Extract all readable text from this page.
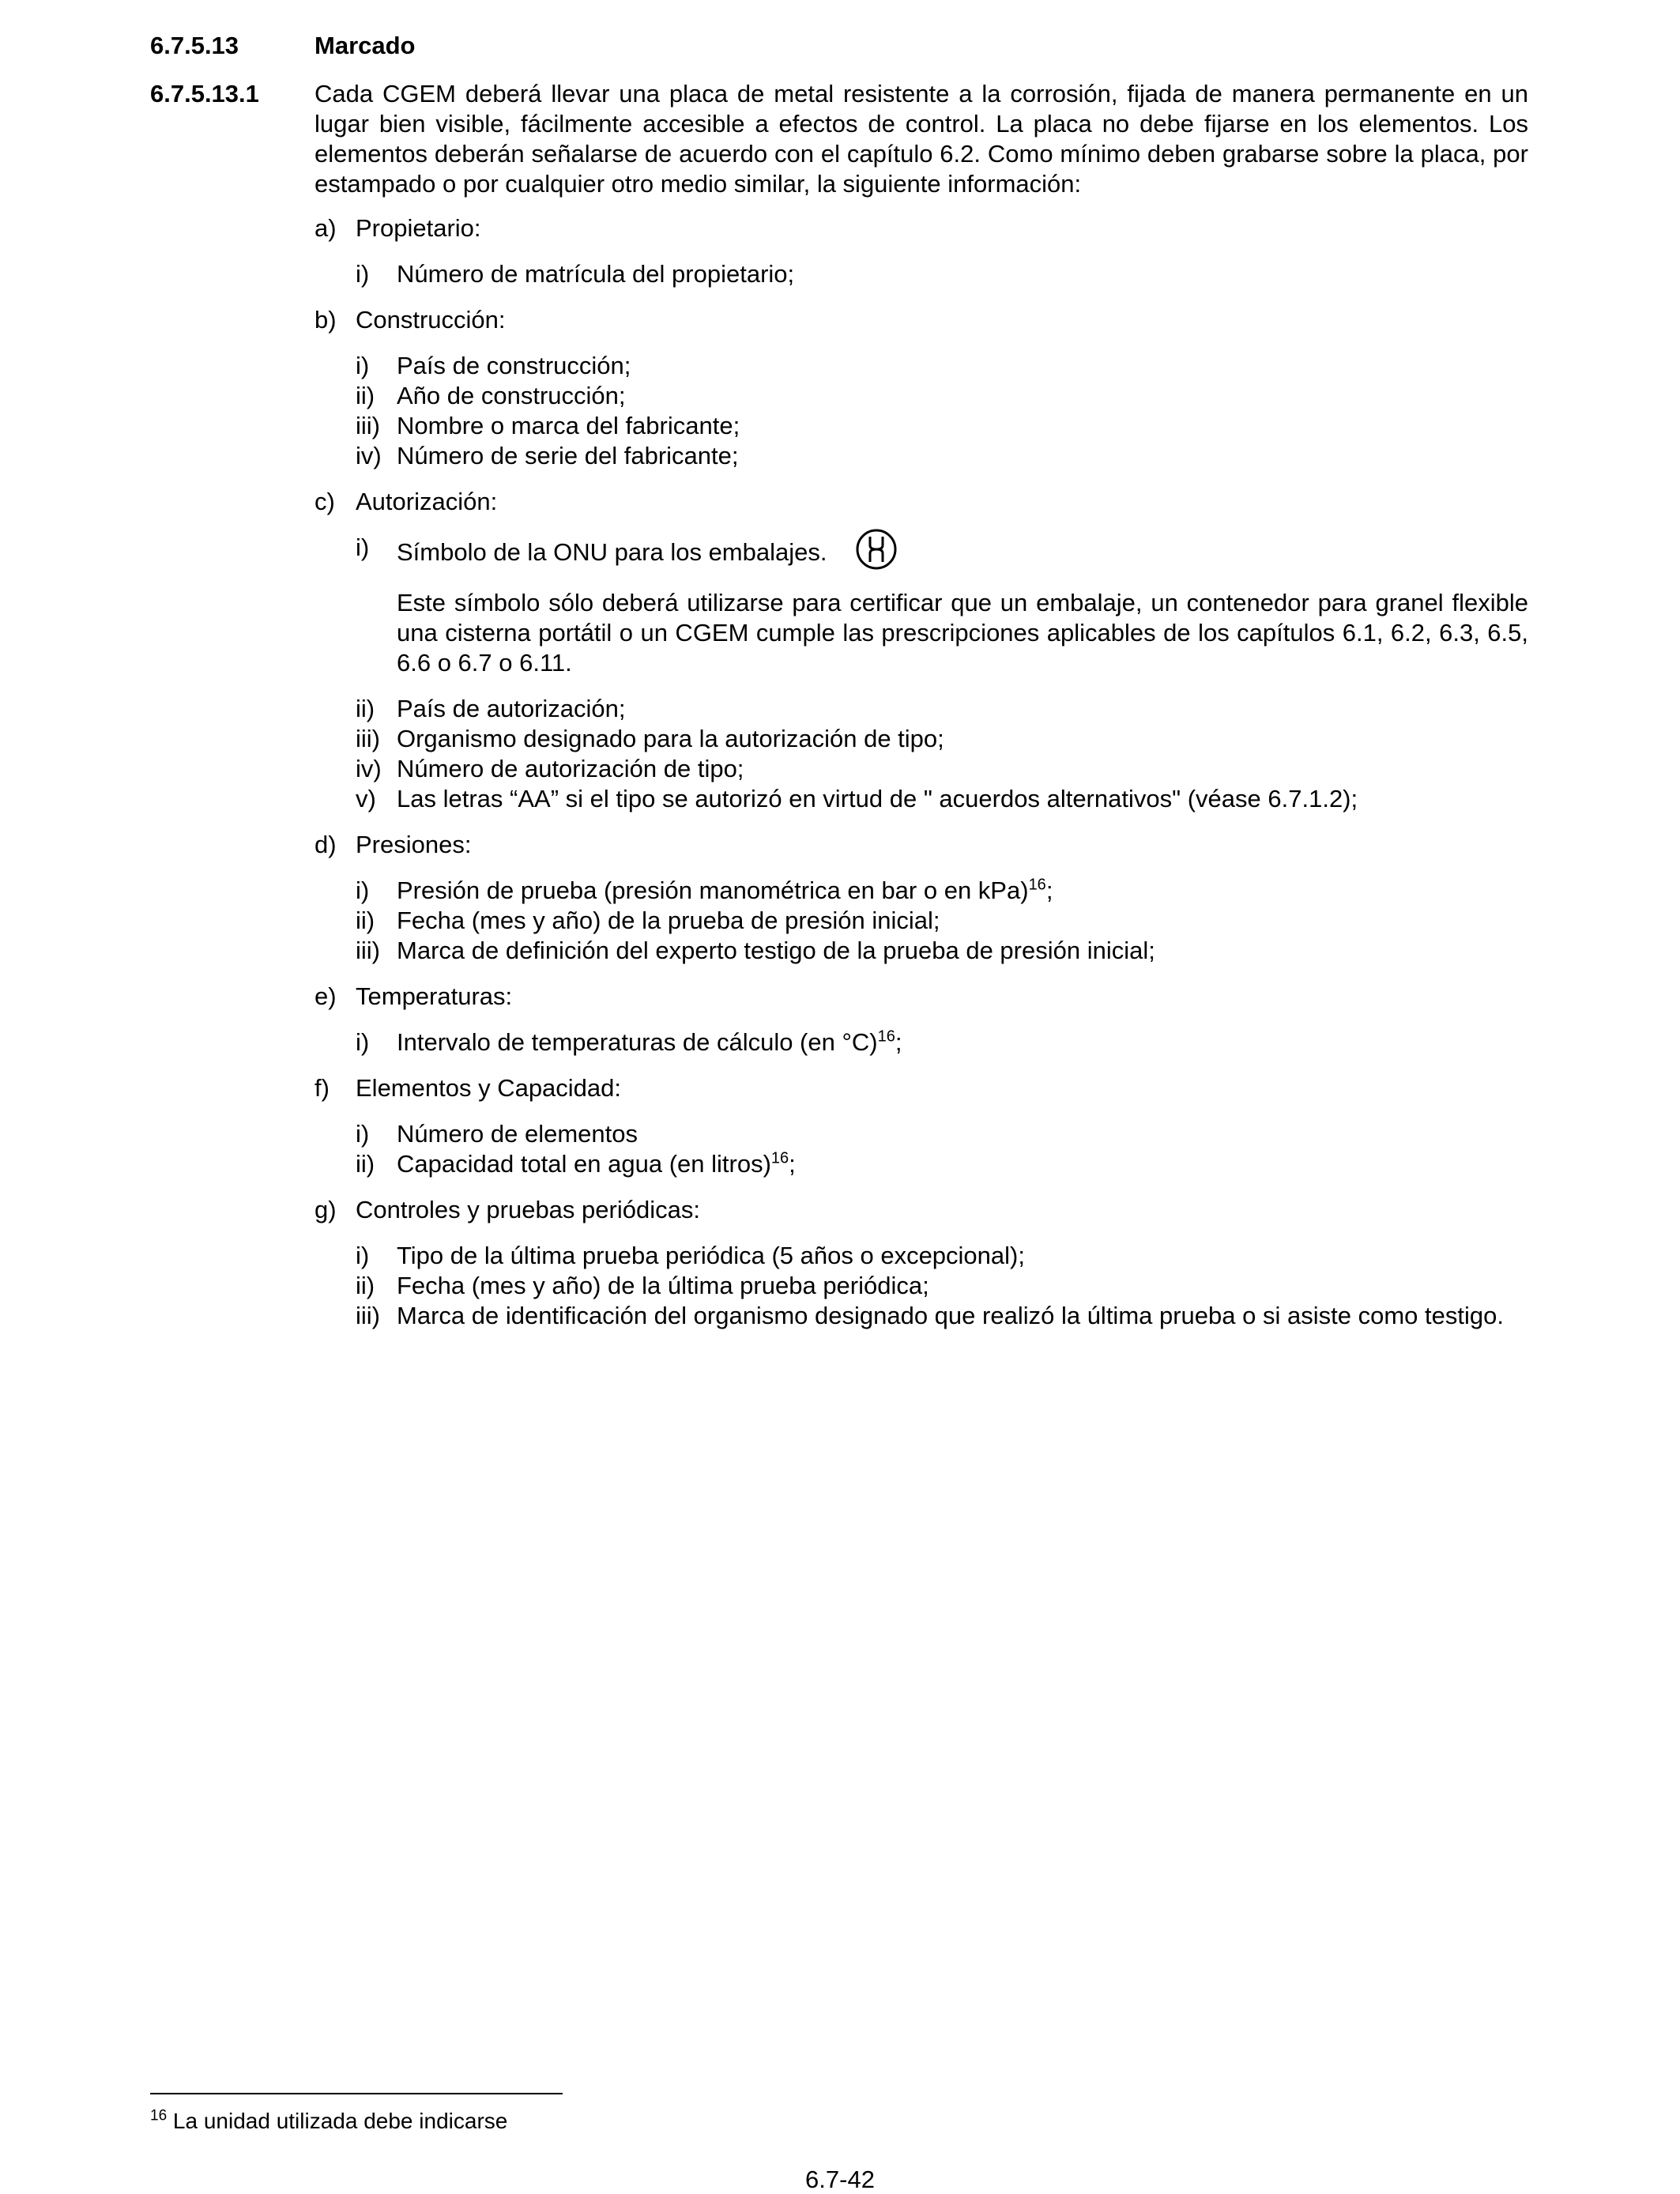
6.7.5.13	Marcado
6.7.5.13.1 Cada CGEM deberá llevar una placa de metal resistente a la corrosión, fijada de manera permanente en un lugar bien visible, fácilmente accesible a efectos de control. La placa no debe fijarse en los elementos. Los elementos deberán señalarse de acuerdo con el capítulo 6.2. Como mínimo deben grabarse sobre la placa, por estampado o por cualquier otro medio similar, la siguiente información:
a) Propietario:
i) Número de matrícula del propietario;
b) Construcción:
i) País de construcción;
ii) Año de construcción;
iii) Nombre o marca del fabricante;
iv) Número de serie del fabricante;
c) Autorización:
i) Símbolo de la ONU para los embalajes.
Este símbolo sólo deberá utilizarse para certificar que un embalaje, un contenedor para granel flexible una cisterna portátil o un CGEM cumple las prescripciones aplicables de los capítulos 6.1, 6.2, 6.3, 6.5, 6.6 o 6.7 o 6.11.
ii) País de autorización;
iii) Organismo designado para la autorización de tipo;
iv) Número de autorización de tipo;
v) Las letras “AA” si el tipo se autorizó en virtud de " acuerdos alternativos" (véase 6.7.1.2);
d) Presiones:
i) Presión de prueba (presión manométrica en bar o en kPa)$^{16}$;
ii) Fecha (mes y año) de la prueba de presión inicial;
iii) Marca de definición del experto testigo de la prueba de presión inicial;
e) Temperaturas:
i) Intervalo de temperaturas de cálculo (en °C)$^{16}$;
f) Elementos y Capacidad:
i) Número de elementos
ii) Capacidad total en agua (en litros)$^{16}$;
g) Controles y pruebas periódicas:
i) Tipo de la última prueba periódica (5 años o excepcional);
ii) Fecha (mes y año) de la última prueba periódica;
iii) Marca de identificación del organismo designado que realizó la última prueba o si asiste como testigo.
$^{16}$ La unidad utilizada debe indicarse
6.7-42
